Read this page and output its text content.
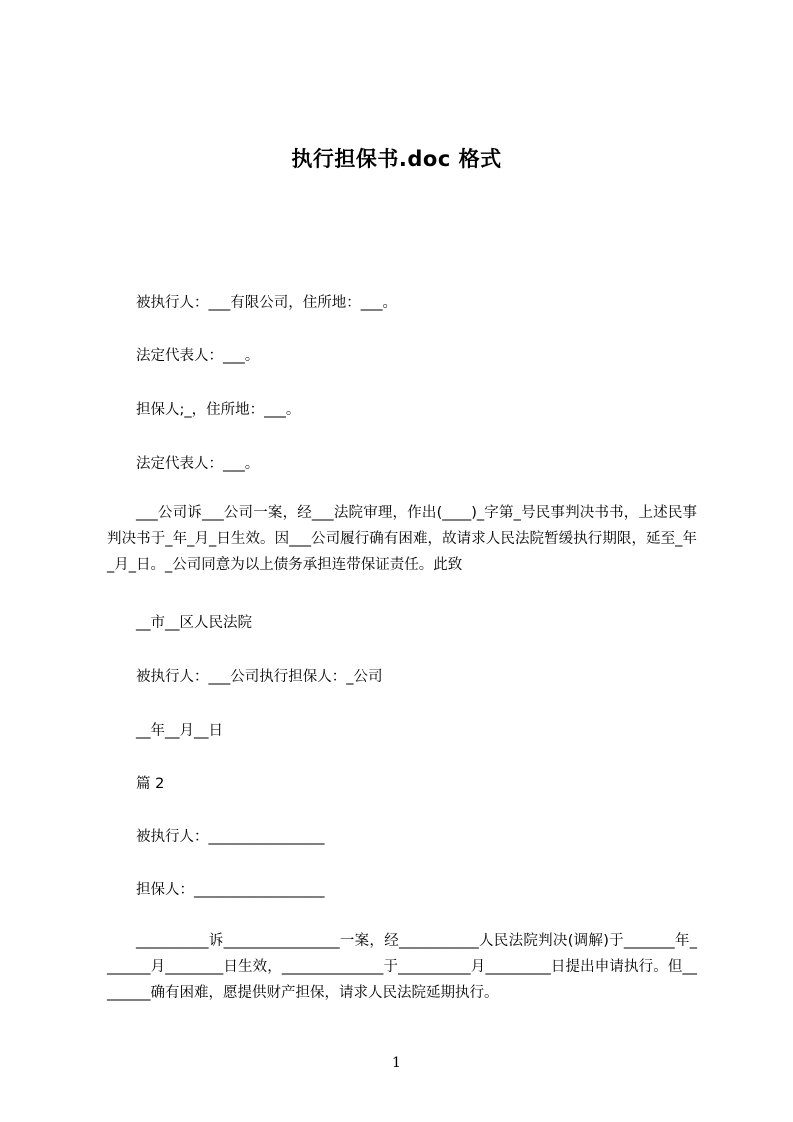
执行担保书.doc 格式
被执行人：___有限公司，住所地：___。
法定代表人：___。
担保人;_，住所地：___。
法定代表人：___。
___公司诉___公司一案，经___法院审理，作出(____)_字第_号民事判决书书，上述民事判决书于_年_月_日生效。因___公司履行确有困难，故请求人民法院暂缓执行期限，延至_年_月_日。_公司同意为以上债务承担连带保证责任。此致
__市__区人民法院
被执行人：___公司执行担保人：_公司
__年__月__日
篇 2
被执行人：________________
担保人：__________________
__________诉________________一案，经___________人民法院判决(调解)于_______年_______月________日生效，______________于__________月_________日提出申请执行。但________确有困难，愿提供财产担保，请求人民法院延期执行。
1
